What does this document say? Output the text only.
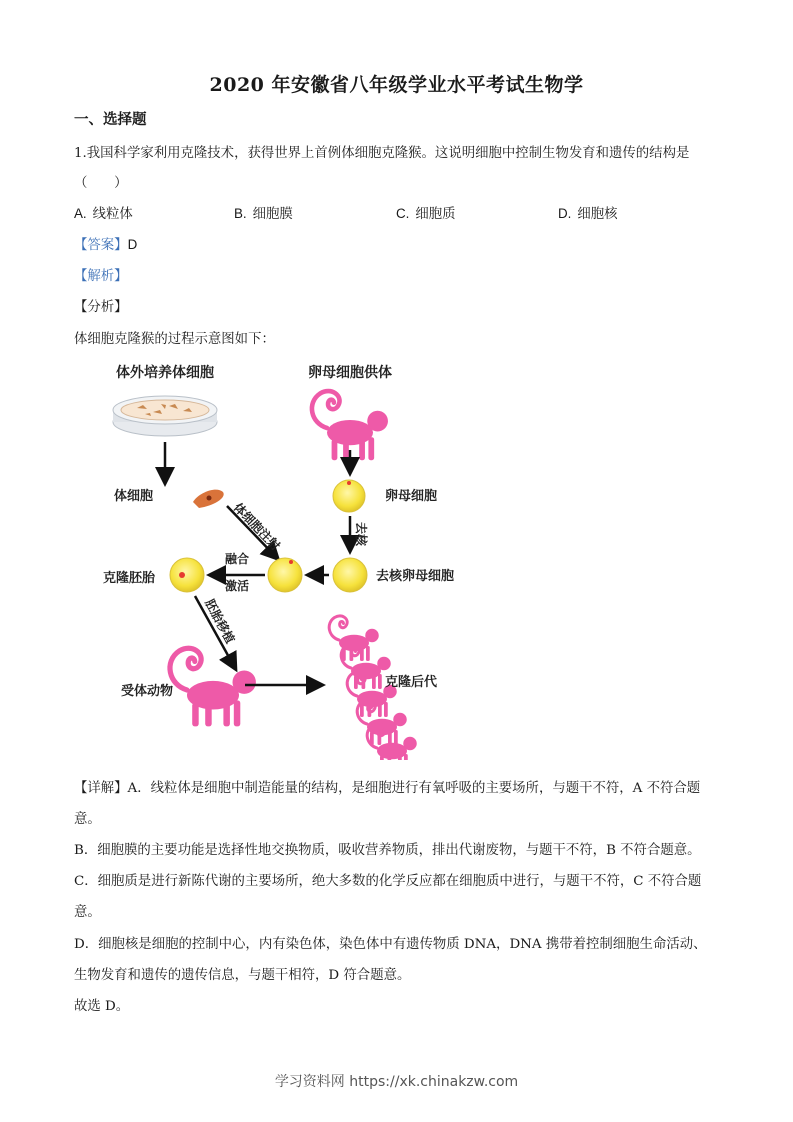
2020 年安徽省八年级学业水平考试生物学
一、选择题
1.我国科学家利用克隆技术，获得世界上首例体细胞克隆猴。这说明细胞中控制生物发育和遗传的结构是
（　　）
A. 线粒体	B. 细胞膜	C. 细胞质	D. 细胞核
【答案】D
【解析】
【分析】
体细胞克隆猴的过程示意图如下：
体外培养体细胞	卵母细胞供体
体细胞	卵母细胞
体细胞注射	去核
克隆胚胎
融合
激活
去核卵母细胞
胚胎移植
受体动物
克隆后代
【详解】A．线粒体是细胞中制造能量的结构，是细胞进行有氧呼吸的主要场所，与题干不符，A 不符合题
意。
B．细胞膜的主要功能是选择性地交换物质，吸收营养物质，排出代谢废物，与题干不符，B 不符合题意。
C．细胞质是进行新陈代谢的主要场所，绝大多数的化学反应都在细胞质中进行，与题干不符，C 不符合题
意。
D．细胞核是细胞的控制中心，内有染色体，染色体中有遗传物质 DNA，DNA 携带着控制细胞生命活动、
生物发育和遗传的遗传信息，与题干相符，D 符合题意。
故选 D。
学习资料网 https://xk.chinakzw.com
